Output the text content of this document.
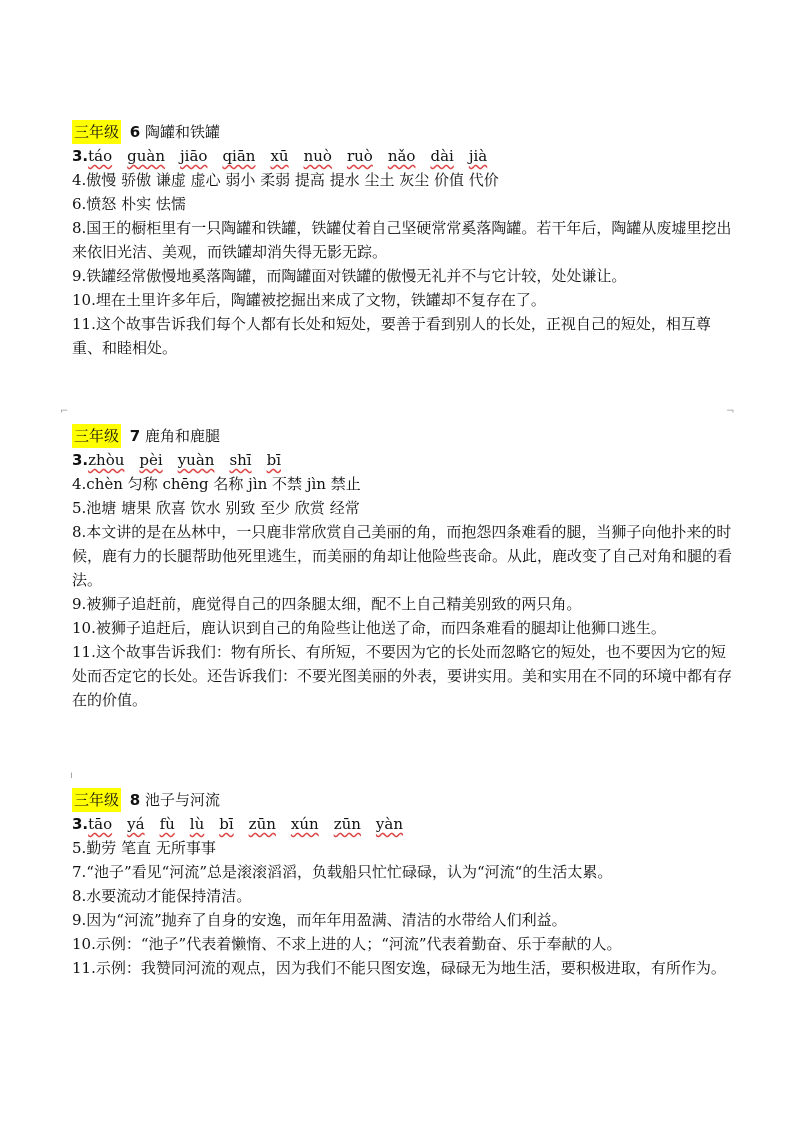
三年级 6 陶罐和铁罐
3.táo guàn jiāo qiān xū nuò ruò nǎo dài jià
4.傲慢 骄傲 谦虚 虚心 弱小 柔弱 提高 提水 尘土 灰尘 价值 代价
6.愤怒 朴实 怯懦
8.国王的橱柜里有一只陶罐和铁罐，铁罐仗着自己坚硬常常奚落陶罐。若干年后，陶罐从废墟里挖出来依旧光洁、美观，而铁罐却消失得无影无踪。
9.铁罐经常傲慢地奚落陶罐，而陶罐面对铁罐的傲慢无礼并不与它计较，处处谦让。
10.埋在土里许多年后，陶罐被挖掘出来成了文物，铁罐却不复存在了。
11.这个故事告诉我们每个人都有长处和短处，要善于看到别人的长处，正视自己的短处，相互尊重、和睦相处。
⌐	¬
三年级 7 鹿角和鹿腿
3.zhòu pèi yuàn shī bī
4.chèn 匀称 chēng 名称 jìn 不禁 jìn 禁止
5.池塘 塘果 欣喜 饮水 别致 至少 欣赏 经常
8.本文讲的是在丛林中，一只鹿非常欣赏自己美丽的角，而抱怨四条难看的腿，当狮子向他扑来的时候，鹿有力的长腿帮助他死里逃生，而美丽的角却让他险些丧命。从此，鹿改变了自己对角和腿的看法。
9.被狮子追赶前，鹿觉得自己的四条腿太细，配不上自己精美别致的两只角。
10.被狮子追赶后，鹿认识到自己的角险些让他送了命，而四条难看的腿却让他狮口逃生。
11.这个故事告诉我们：物有所长、有所短，不要因为它的长处而忽略它的短处，也不要因为它的短处而否定它的长处。还告诉我们：不要光图美丽的外表，要讲实用。美和实用在不同的环境中都有存在的价值。
ı
三年级 8 池子与河流
3.tāo yá fù lù bī zūn xún zūn yàn
5.勤劳 笔直 无所事事
7.“池子”看见“河流”总是滚滚滔滔，负载船只忙忙碌碌，认为“河流“的生活太累。
8.水要流动才能保持清洁。
9.因为“河流”抛弃了自身的安逸，而年年用盈满、清洁的水带给人们利益。
10.示例：“池子”代表着懒惰、不求上进的人；“河流”代表着勤奋、乐于奉献的人。
11.示例：我赞同河流的观点，因为我们不能只图安逸，碌碌无为地生活，要积极进取，有所作为。
